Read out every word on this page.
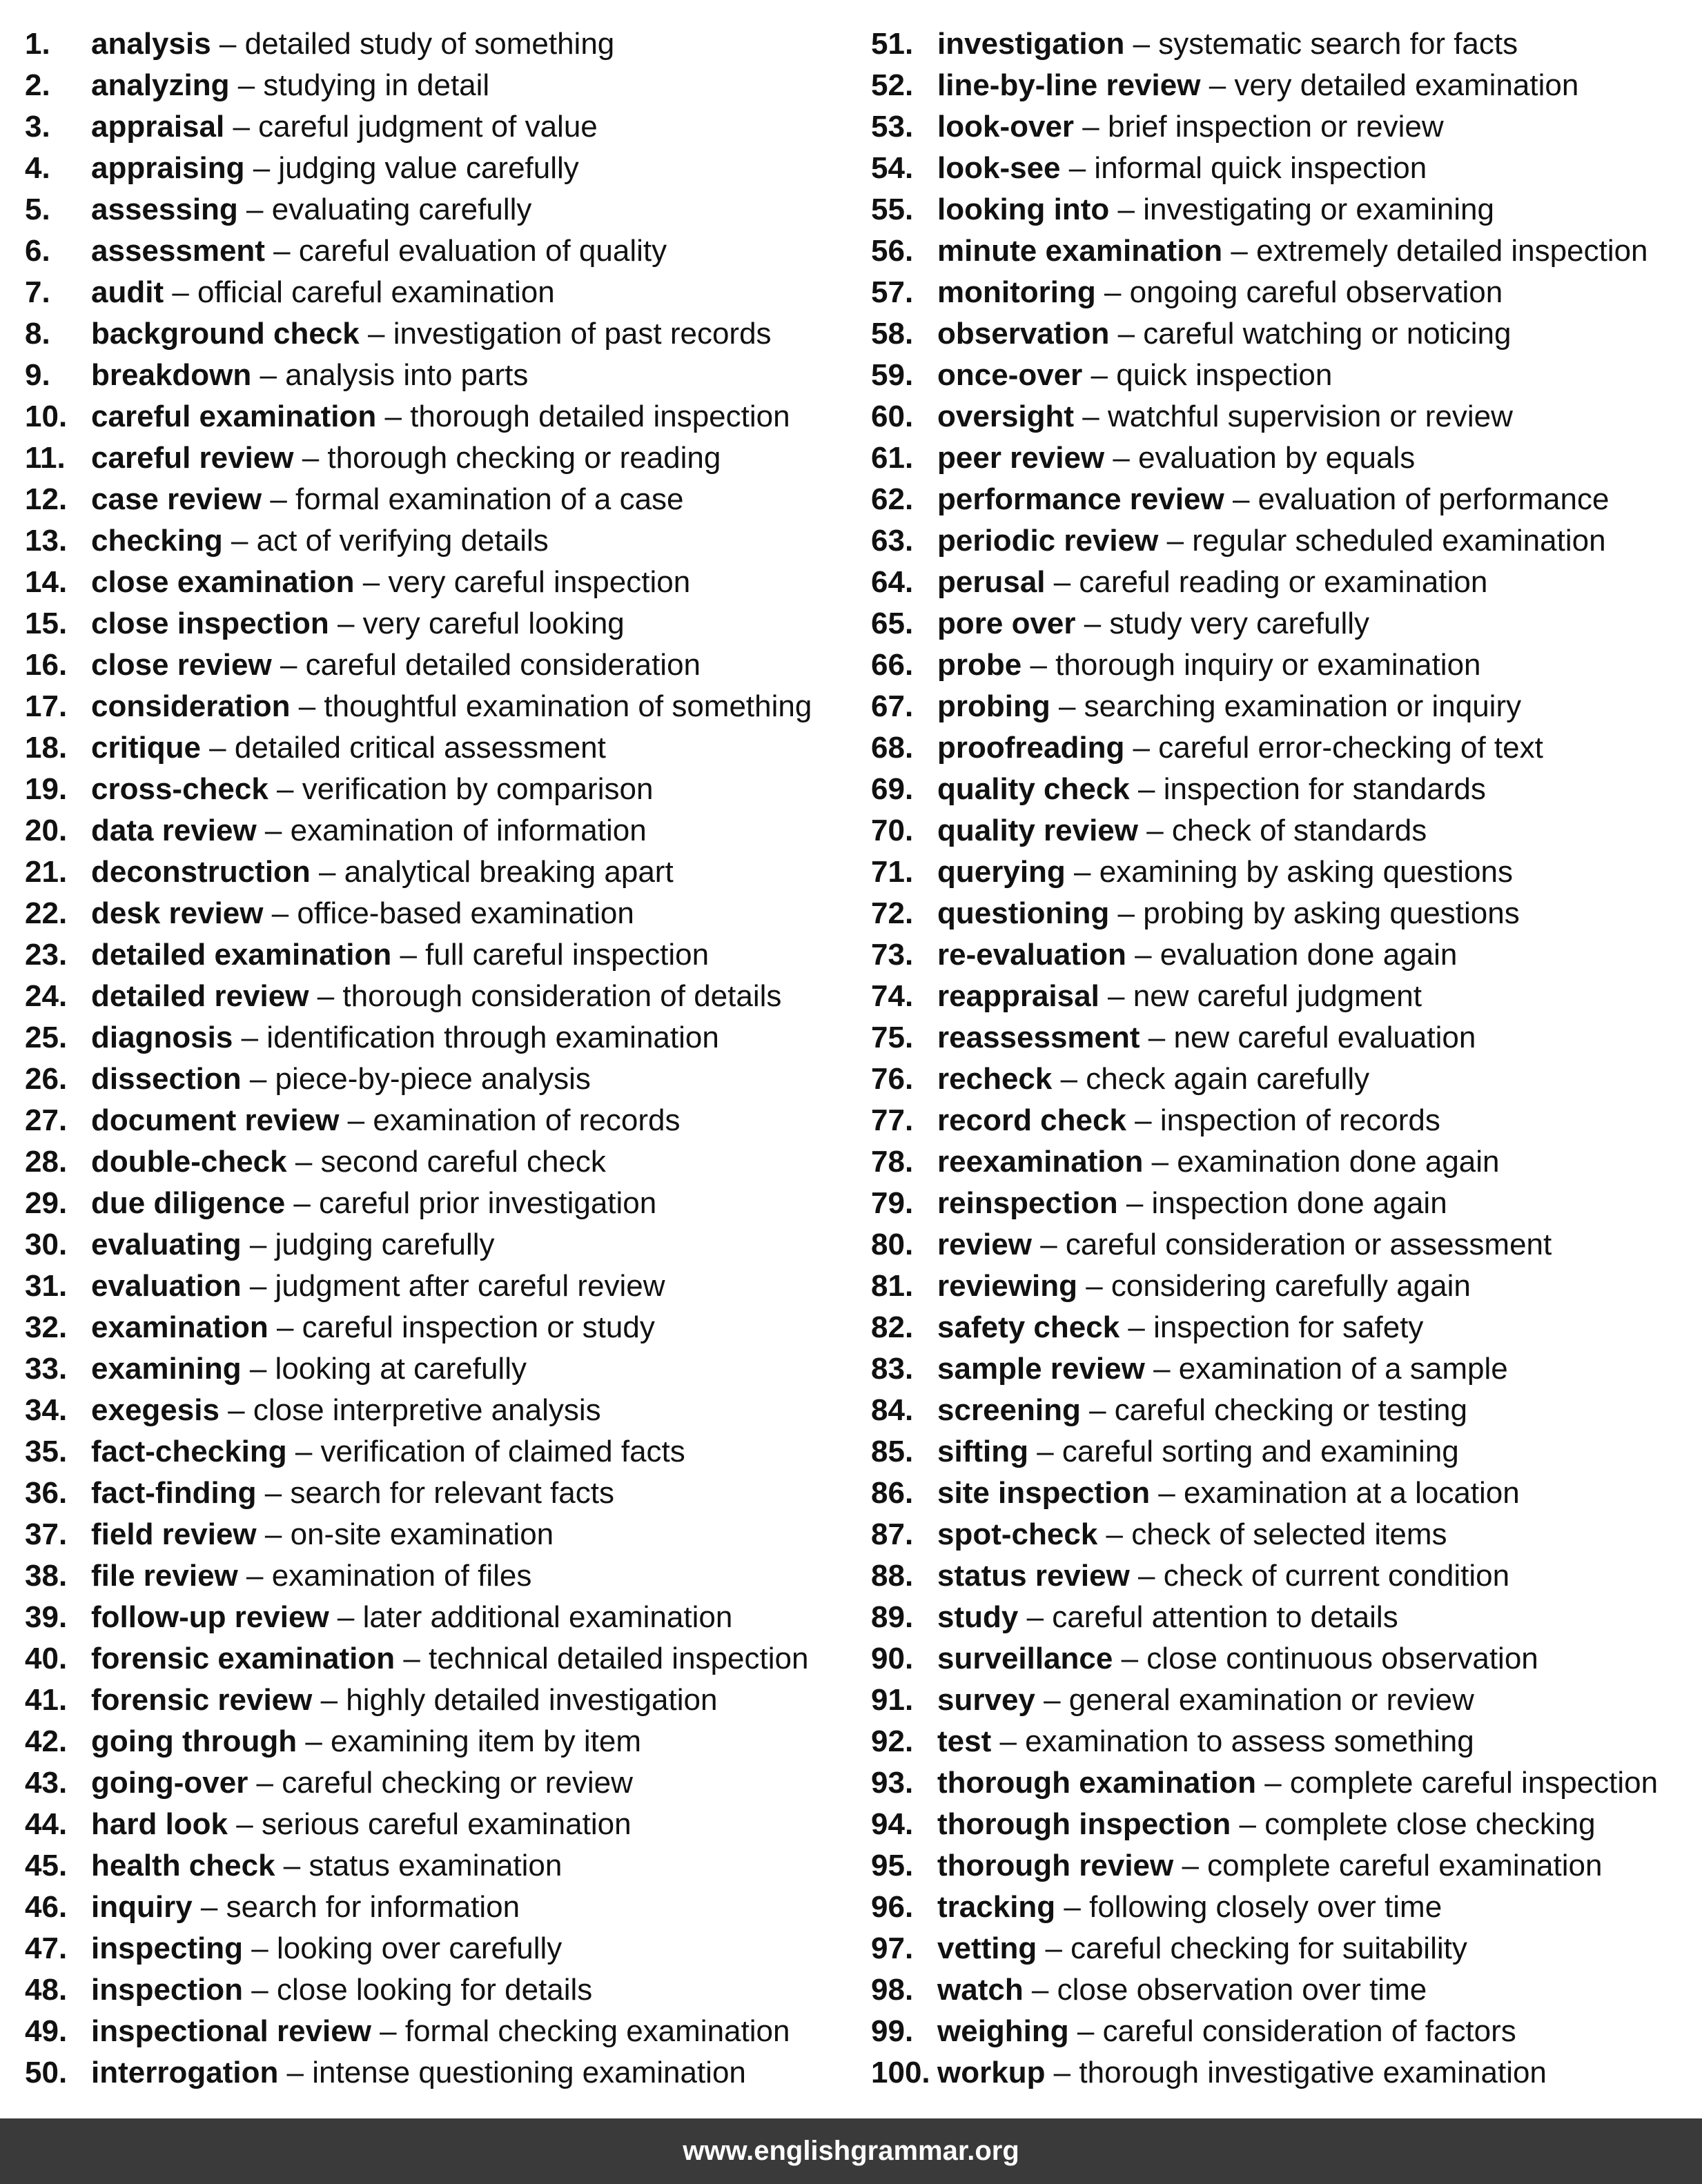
1. analysis – detailed study of something
2. analyzing – studying in detail
3. appraisal – careful judgment of value
4. appraising – judging value carefully
5. assessing – evaluating carefully
6. assessment – careful evaluation of quality
7. audit – official careful examination
8. background check – investigation of past records
9. breakdown – analysis into parts
10. careful examination – thorough detailed inspection
11. careful review – thorough checking or reading
12. case review – formal examination of a case
13. checking – act of verifying details
14. close examination – very careful inspection
15. close inspection – very careful looking
16. close review – careful detailed consideration
17. consideration – thoughtful examination of something
18. critique – detailed critical assessment
19. cross-check – verification by comparison
20. data review – examination of information
21. deconstruction – analytical breaking apart
22. desk review – office-based examination
23. detailed examination – full careful inspection
24. detailed review – thorough consideration of details
25. diagnosis – identification through examination
26. dissection – piece-by-piece analysis
27. document review – examination of records
28. double-check – second careful check
29. due diligence – careful prior investigation
30. evaluating – judging carefully
31. evaluation – judgment after careful review
32. examination – careful inspection or study
33. examining – looking at carefully
34. exegesis – close interpretive analysis
35. fact-checking – verification of claimed facts
36. fact-finding – search for relevant facts
37. field review – on-site examination
38. file review – examination of files
39. follow-up review – later additional examination
40. forensic examination – technical detailed inspection
41. forensic review – highly detailed investigation
42. going through – examining item by item
43. going-over – careful checking or review
44. hard look – serious careful examination
45. health check – status examination
46. inquiry – search for information
47. inspecting – looking over carefully
48. inspection – close looking for details
49. inspectional review – formal checking examination
50. interrogation – intense questioning examination
51. investigation – systematic search for facts
52. line-by-line review – very detailed examination
53. look-over – brief inspection or review
54. look-see – informal quick inspection
55. looking into – investigating or examining
56. minute examination – extremely detailed inspection
57. monitoring – ongoing careful observation
58. observation – careful watching or noticing
59. once-over – quick inspection
60. oversight – watchful supervision or review
61. peer review – evaluation by equals
62. performance review – evaluation of performance
63. periodic review – regular scheduled examination
64. perusal – careful reading or examination
65. pore over – study very carefully
66. probe – thorough inquiry or examination
67. probing – searching examination or inquiry
68. proofreading – careful error-checking of text
69. quality check – inspection for standards
70. quality review – check of standards
71. querying – examining by asking questions
72. questioning – probing by asking questions
73. re-evaluation – evaluation done again
74. reappraisal – new careful judgment
75. reassessment – new careful evaluation
76. recheck – check again carefully
77. record check – inspection of records
78. reexamination – examination done again
79. reinspection – inspection done again
80. review – careful consideration or assessment
81. reviewing – considering carefully again
82. safety check – inspection for safety
83. sample review – examination of a sample
84. screening – careful checking or testing
85. sifting – careful sorting and examining
86. site inspection – examination at a location
87. spot-check – check of selected items
88. status review – check of current condition
89. study – careful attention to details
90. surveillance – close continuous observation
91. survey – general examination or review
92. test – examination to assess something
93. thorough examination – complete careful inspection
94. thorough inspection – complete close checking
95. thorough review – complete careful examination
96. tracking – following closely over time
97. vetting – careful checking for suitability
98. watch – close observation over time
99. weighing – careful consideration of factors
100. workup – thorough investigative examination
www.englishgrammar.org
